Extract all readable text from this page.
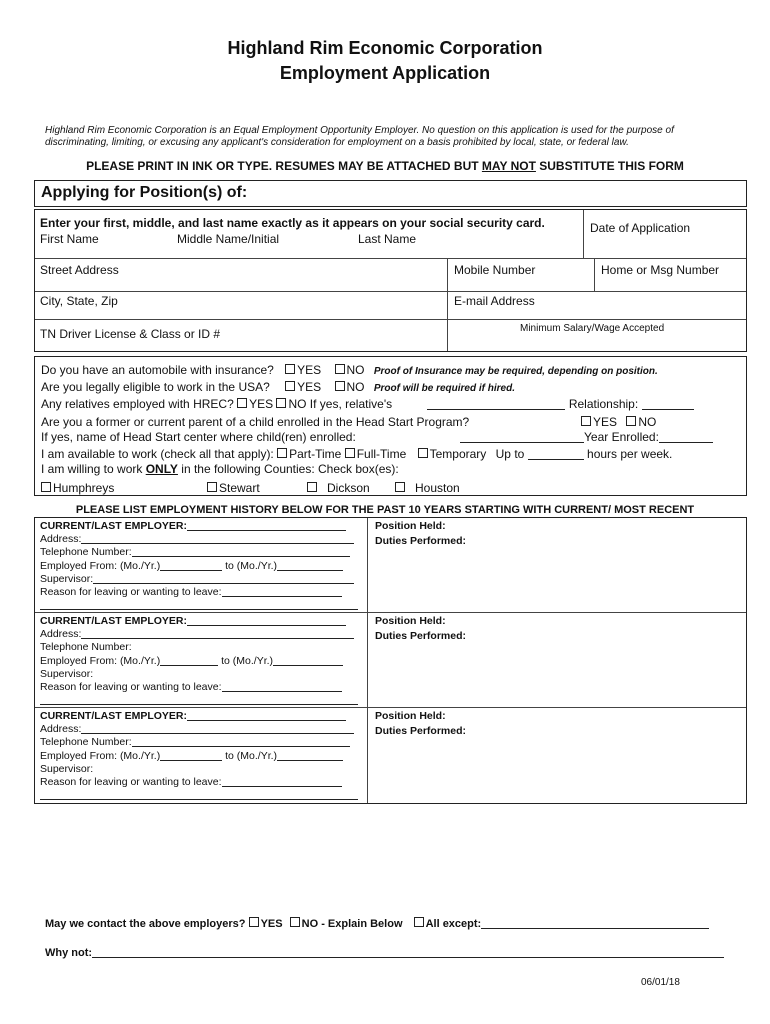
Highland Rim Economic Corporation
Employment Application
Highland Rim Economic Corporation is an Equal Employment Opportunity Employer. No question on this application is used for the purpose of discriminating, limiting, or excusing any applicant's consideration for employment on a basis prohibited by local, state, or federal law.
PLEASE PRINT IN INK OR TYPE. RESUMES MAY BE ATTACHED BUT MAY NOT SUBSTITUTE THIS FORM
Applying for Position(s) of:
Enter your first, middle, and last name exactly as it appears on your social security card.
First Name	Middle Name/Initial	Last Name
Date of Application
Street Address	Mobile Number	Home or Msg Number
City, State, Zip	E-mail Address
TN Driver License & Class or ID #	Minimum Salary/Wage Accepted
Do you have an automobile with insurance? YES NO Proof of Insurance may be required, depending on position.
Are you legally eligible to work in the USA? YES NO Proof will be required if hired.
Any relatives employed with HREC? YES NO If yes, relative's	Relationship:
Are you a former or current parent of a child enrolled in the Head Start Program?	YES NO
If yes, name of Head Start center where child(ren) enrolled:	Year Enrolled:
I am available to work (check all that apply): Part-Time Full-Time Temporary Up to	hours per week.
I am willing to work ONLY in the following Counties: Check box(es):
Humphreys	Stewart	Dickson	Houston
PLEASE LIST EMPLOYMENT HISTORY BELOW FOR THE PAST 10 YEARS STARTING WITH CURRENT/ MOST RECENT
CURRENT/LAST EMPLOYER:
Address:
Telephone Number:
Employed From: (Mo./Yr.)	to (Mo./Yr.)
Supervisor:
Reason for leaving or wanting to leave:
Position Held:
Duties Performed:
CURRENT/LAST EMPLOYER:
Address:
Telephone Number:
Employed From: (Mo./Yr.)	to (Mo./Yr.)
Supervisor:
Reason for leaving or wanting to leave:
Position Held:
Duties Performed:
CURRENT/LAST EMPLOYER:
Address:
Telephone Number:
Employed From: (Mo./Yr.)	to (Mo./Yr.)
Supervisor:
Reason for leaving or wanting to leave:
Position Held:
Duties Performed:
May we contact the above employers? YES NO - Explain Below All except:
Why not:
06/01/18
